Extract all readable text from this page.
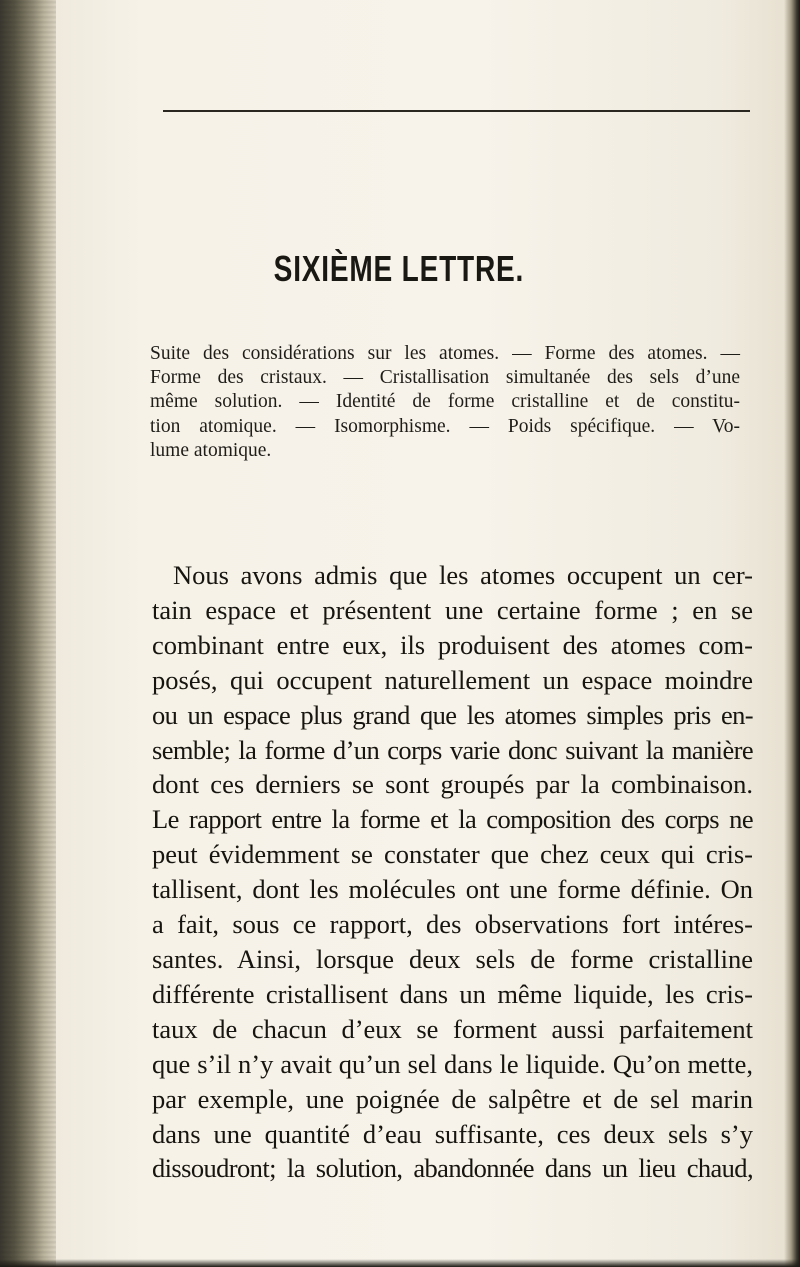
SIXIÈME LETTRE.

Suite des considérations sur les atomes. — Forme des atomes. —
Forme des cristaux. — Cristallisation simultanée des sels d’une
même solution. — Identité de forme cristalline et de constitu-
tion atomique. — Isomorphisme. — Poids spécifique. — Vo-
lume atomique.

Nous avons admis que les atomes occupent un cer-
tain espace et présentent une certaine forme ; en se
combinant entre eux, ils produisent des atomes com-
posés, qui occupent naturellement un espace moindre
ou un espace plus grand que les atomes simples pris en-
semble; la forme d’un corps varie donc suivant la manière
dont ces derniers se sont groupés par la combinaison.
Le rapport entre la forme et la composition des corps ne
peut évidemment se constater que chez ceux qui cris-
tallisent, dont les molécules ont une forme définie. On
a fait, sous ce rapport, des observations fort intéres-
santes. Ainsi, lorsque deux sels de forme cristalline
différente cristallisent dans un même liquide, les cris-
taux de chacun d’eux se forment aussi parfaitement
que s’il n’y avait qu’un sel dans le liquide. Qu’on mette,
par exemple, une poignée de salpêtre et de sel marin
dans une quantité d’eau suffisante, ces deux sels s’y
dissoudront; la solution, abandonnée dans un lieu chaud,
